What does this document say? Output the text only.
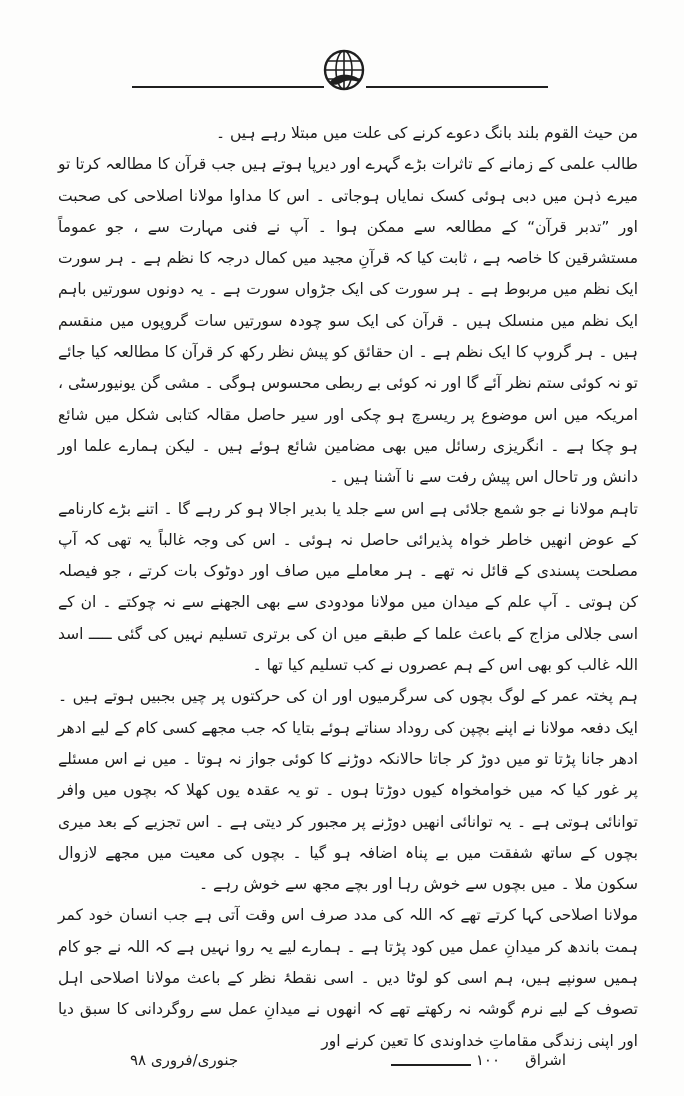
من حیث القوم بلند بانگ دعوے کرنے کی علت میں مبتلا رہے ہیں ۔

طالب علمی کے زمانے کے تاثرات بڑے گہرے اور دیرپا ہوتے ہیں جب قرآن کا مطالعہ کرتا تو میرے ذہن میں دبی ہوئی کسک نمایاں ہوجاتی ۔ اس کا مداوا مولانا اصلاحی کی صحبت اور ”تدبر قرآن“ کے مطالعہ سے ممکن ہوا ۔ آپ نے فنی مہارت سے ، جو عموماً مستشرقین کا خاصہ ہے ، ثابت کیا کہ قرآنِ مجید میں کمال درجہ کا نظم ہے ۔ ہر سورت ایک نظم میں مربوط ہے ۔ ہر سورت کی ایک جڑواں سورت ہے ۔ یہ دونوں سورتیں باہم ایک نظم میں منسلک ہیں ۔ قرآن کی ایک سو چودہ سورتیں سات گروپوں میں منقسم ہیں ۔ ہر گروپ کا ایک نظم ہے ۔ ان حقائق کو پیش نظر رکھ کر قرآن کا مطالعہ کیا جائے تو نہ کوئی ستم نظر آئے گا اور نہ کوئی بے ربطی محسوس ہوگی ۔ مشی گن یونیورسٹی ، امریکہ میں اس موضوع پر ریسرچ ہو چکی اور سیر حاصل مقالہ کتابی شکل میں شائع ہو چکا ہے ۔ انگریزی رسائل میں بھی مضامین شائع ہوئے ہیں ۔ لیکن ہمارے علما اور دانش ور تاحال اس پیش رفت سے نا آشنا ہیں ۔

تاہم مولانا نے جو شمع جلائی ہے اس سے جلد یا بدیر اجالا ہو کر رہے گا ۔ اتنے بڑے کارنامے کے عوض انھیں خاطر خواہ پذیرائی حاصل نہ ہوئی ۔ اس کی وجہ غالباً یہ تھی کہ آپ مصلحت پسندی کے قائل نہ تھے ۔ ہر معاملے میں صاف اور دوٹوک بات کرتے ، جو فیصلہ کن ہوتی ۔ آپ علم کے میدان میں مولانا مودودی سے بھی الجھنے سے نہ چوکتے ۔ ان کے اسی جلالی مزاج کے باعث علما کے طبقے میں ان کی برتری تسلیم نہیں کی گئی ـــــ اسد اللہ غالب کو بھی اس کے ہم عصروں نے کب تسلیم کیا تھا ۔

ہم پختہ عمر کے لوگ بچوں کی سرگرمیوں اور ان کی حرکتوں پر چیں بجبیں ہوتے ہیں ۔ ایک دفعہ مولانا نے اپنے بچپن کی روداد سناتے ہوئے بتایا کہ جب مجھے کسی کام کے لیے ادھر ادھر جانا پڑتا تو میں دوڑ کر جاتا حالانکہ دوڑنے کا کوئی جواز نہ ہوتا ۔ میں نے اس مسئلے پر غور کیا کہ میں خوامخواہ کیوں دوڑتا ہوں ۔ تو یہ عقدہ یوں کھلا کہ بچوں میں وافر توانائی ہوتی ہے ۔ یہ توانائی انھیں دوڑنے پر مجبور کر دیتی ہے ۔ اس تجزیے کے بعد میری بچوں کے ساتھ شفقت میں بے پناہ اضافہ ہو گیا ۔ بچوں کی معیت میں مجھے لازوال سکون ملا ۔ میں بچوں سے خوش رہا اور بچے مجھ سے خوش رہے ۔

مولانا اصلاحی کہا کرتے تھے کہ اللہ کی مدد صرف اس وقت آتی ہے جب انسان خود کمر ہمت باندھ کر میدانِ عمل میں کود پڑتا ہے ۔ ہمارے لیے یہ روا نہیں ہے کہ اللہ نے جو کام ہمیں سونپے ہیں، ہم اسی کو لوٹا دیں ۔ اسی نقطۂ نظر کے باعث مولانا اصلاحی اہل تصوف کے لیے نرم گوشہ نہ رکھتے تھے کہ انھوں نے میدانِ عمل سے روگردانی کا سبق دیا اور اپنی زندگی مقاماتِ خداوندی کا تعین کرنے اور

اشراق
۱۰۰
جنوری/فروری ۹۸
